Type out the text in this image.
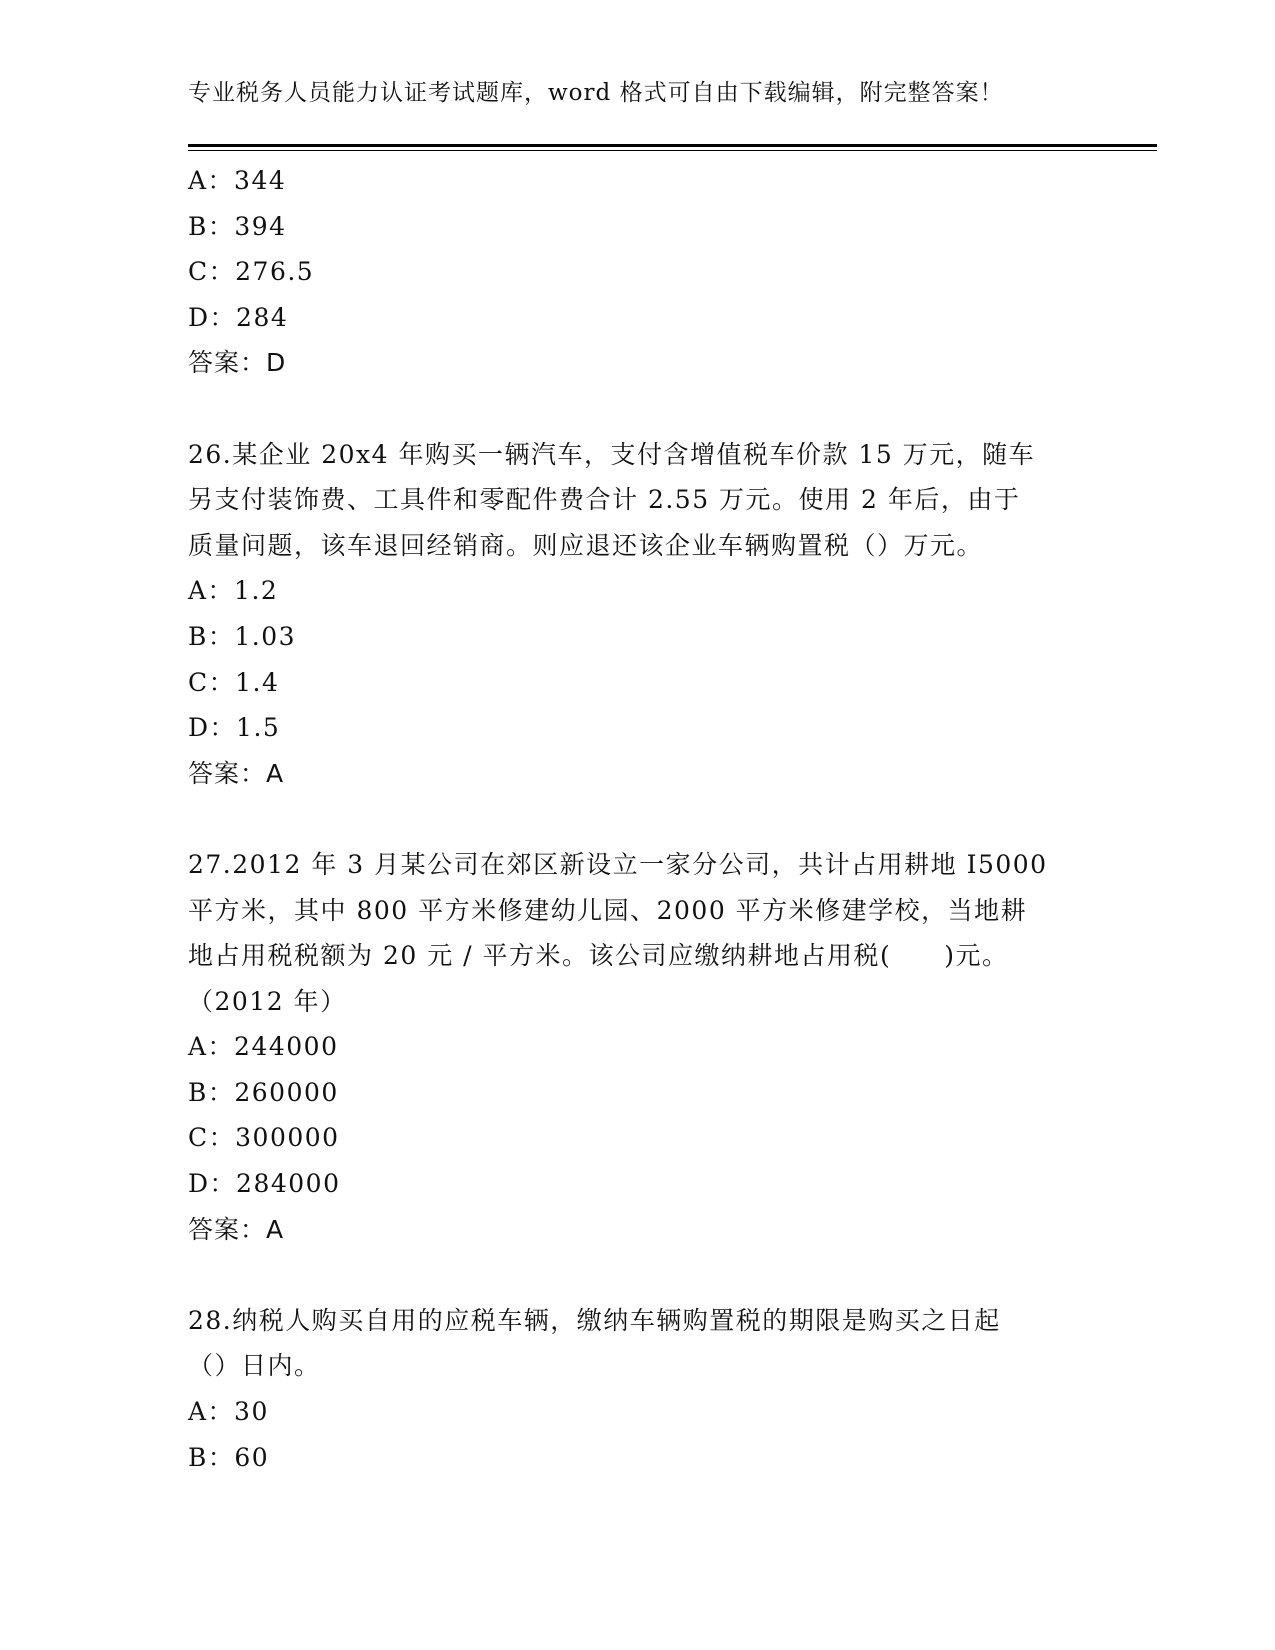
专业税务人员能力认证考试题库，word 格式可自由下载编辑，附完整答案！
A：344
B：394
C：276.5
D：284
答案：D
26.某企业 20x4 年购买一辆汽车，支付含增值税车价款 15 万元，随车
另支付装饰费、工具件和零配件费合计 2.55 万元。使用 2 年后，由于
质量问题，该车退回经销商。则应退还该企业车辆购置税（）万元。
A：1.2
B：1.03
C：1.4
D：1.5
答案：A
27.2012 年 3 月某公司在郊区新设立一家分公司，共计占用耕地 I5000
平方米，其中 800 平方米修建幼儿园、2000 平方米修建学校，当地耕
地占用税税额为 20 元 / 平方米。该公司应缴纳耕地占用税(　　)元。
（2012 年）
A：244000
B：260000
C：300000
D：284000
答案：A
28.纳税人购买自用的应税车辆，缴纳车辆购置税的期限是购买之日起
（）日内。
A：30
B：60
